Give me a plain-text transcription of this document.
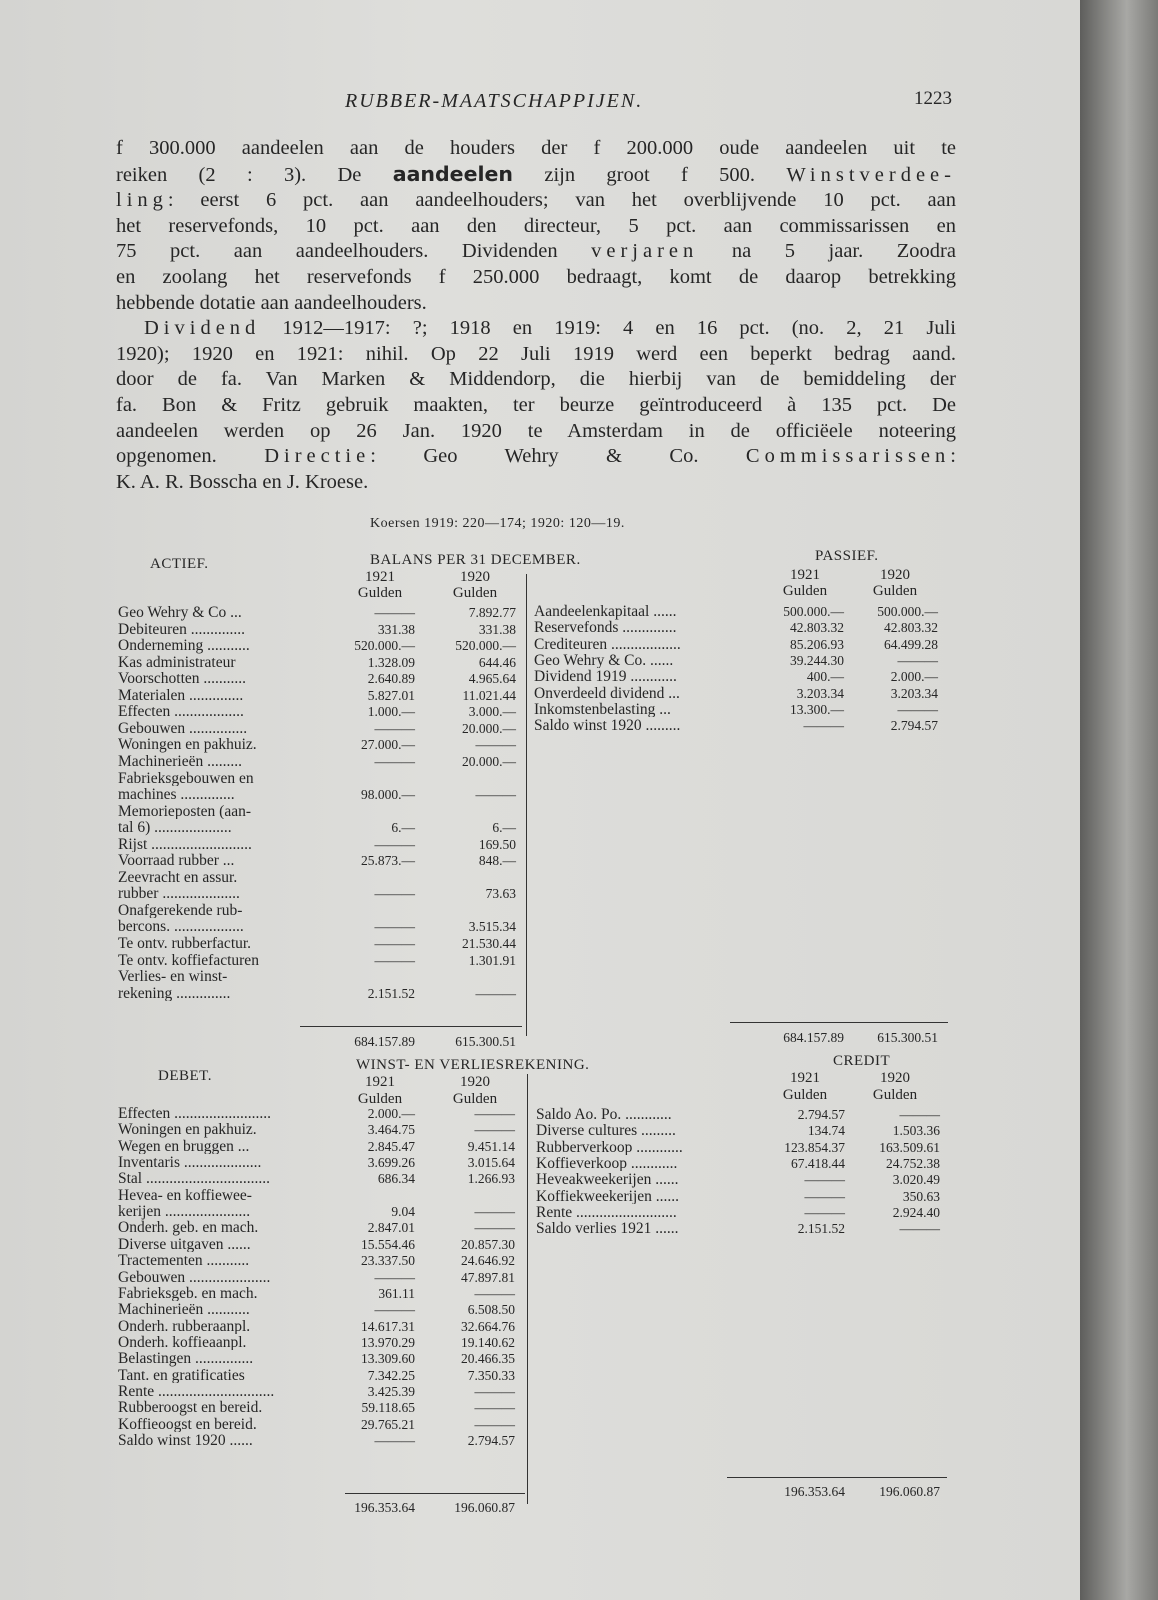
RUBBER-MAATSCHAPPIJEN.	1223
f 300.000 aandeelen aan de houders der f 200.000 oude aandeelen uit te
reiken (2 : 3). De aandeelen zijn groot f 500. Winstverdee-
ling: eerst 6 pct. aan aandeelhouders; van het overblijvende 10 pct. aan
het reservefonds, 10 pct. aan den directeur, 5 pct. aan commissarissen en
75 pct. aan aandeelhouders. Dividenden verjaren na 5 jaar. Zoodra
en zoolang het reservefonds f 250.000 bedraagt, komt de daarop betrekking
hebbende dotatie aan aandeelhouders.
Dividend 1912—1917: ?; 1918 en 1919: 4 en 16 pct. (no. 2, 21 Juli
1920); 1920 en 1921: nihil. Op 22 Juli 1919 werd een beperkt bedrag aand.
door de fa. Van Marken & Middendorp, die hierbij van de bemiddeling der
fa. Bon & Fritz gebruik maakten, ter beurze geïntroduceerd à 135 pct. De
aandeelen werden op 26 Jan. 1920 te Amsterdam in de officiëele noteering
opgenomen. Directie: Geo Wehry & Co. Commissarissen:
K. A. R. Bosscha en J. Kroese.
Koersen 1919: 220—174; 1920: 120—19.
ACTIEF.	BALANS PER 31 DECEMBER.	PASSIEF.
1921	1920
Gulden	Gulden
1921	1920
Gulden	Gulden
Geo Wehry & Co ...	———	7.892.77
Debiteuren ..............	331.38	331.38
Onderneming ...........	520.000.—	520.000.—
Kas administrateur	1.328.09	644.46
Voorschotten ...........	2.640.89	4.965.64
Materialen ..............	5.827.01	11.021.44
Effecten ..................	1.000.—	3.000.—
Gebouwen ...............	———	20.000.—
Woningen en pakhuiz.	27.000.—	———
Machinerieën .........	———	20.000.—
Fabrieksgebouwen en
machines ..............	98.000.—	———
Memorieposten (aan-
tal 6) ....................	6.—	6.—
Rijst ..........................	———	169.50
Voorraad rubber ...	25.873.—	848.—
Zeevracht en assur.
rubber ....................	———	73.63
Onafgerekende rub-
bercons. ..................	———	3.515.34
Te ontv. rubberfactur.	———	21.530.44
Te ontv. koffiefacturen	———	1.301.91
Verlies- en winst-
rekening ..............	2.151.52	———
Aandeelenkapitaal ......	500.000.—	500.000.—
Reservefonds ..............	42.803.32	42.803.32
Crediteuren ..................	85.206.93	64.499.28
Geo Wehry & Co. ......	39.244.30	———
Dividend 1919 ............	400.—	2.000.—
Onverdeeld dividend ...	3.203.34	3.203.34
Inkomstenbelasting ...	13.300.—	———
Saldo winst 1920 .........	———	2.794.57
684.157.89	615.300.51	684.157.89	615.300.51
DEBET.
WINST- EN VERLIESREKENING.	CREDIT
1921	1920
Gulden	Gulden
1921	1920
Gulden	Gulden
Effecten .........................	2.000.—	———
Woningen en pakhuiz.	3.464.75	———
Wegen en bruggen ...	2.845.47	9.451.14
Inventaris ....................	3.699.26	3.015.64
Stal ................................	686.34	1.266.93
Hevea- en koffiewee-
kerijen ......................	9.04	———
Onderh. geb. en mach.	2.847.01	———
Diverse uitgaven ......	15.554.46	20.857.30
Tractementen ...........	23.337.50	24.646.92
Gebouwen .....................	———	47.897.81
Fabrieksgeb. en mach.	361.11	———
Machinerieën ...........	———	6.508.50
Onderh. rubberaanpl.	14.617.31	32.664.76
Onderh. koffieaanpl.	13.970.29	19.140.62
Belastingen ...............	13.309.60	20.466.35
Tant. en gratificaties	7.342.25	7.350.33
Rente ..............................	3.425.39	———
Rubberoogst en bereid.	59.118.65	———
Koffieoogst en bereid.	29.765.21	———
Saldo winst 1920 ......	———	2.794.57
Saldo Ao. Po. ............	2.794.57	———
Diverse cultures .........	134.74	1.503.36
Rubberverkoop ............	123.854.37	163.509.61
Koffieverkoop ............	67.418.44	24.752.38
Heveakweekerijen ......	———	3.020.49
Koffiekweekerijen ......	———	350.63
Rente ..........................	———	2.924.40
Saldo verlies 1921 ......	2.151.52	———
196.353.64	196.060.87
196.353.64	196.060.87
